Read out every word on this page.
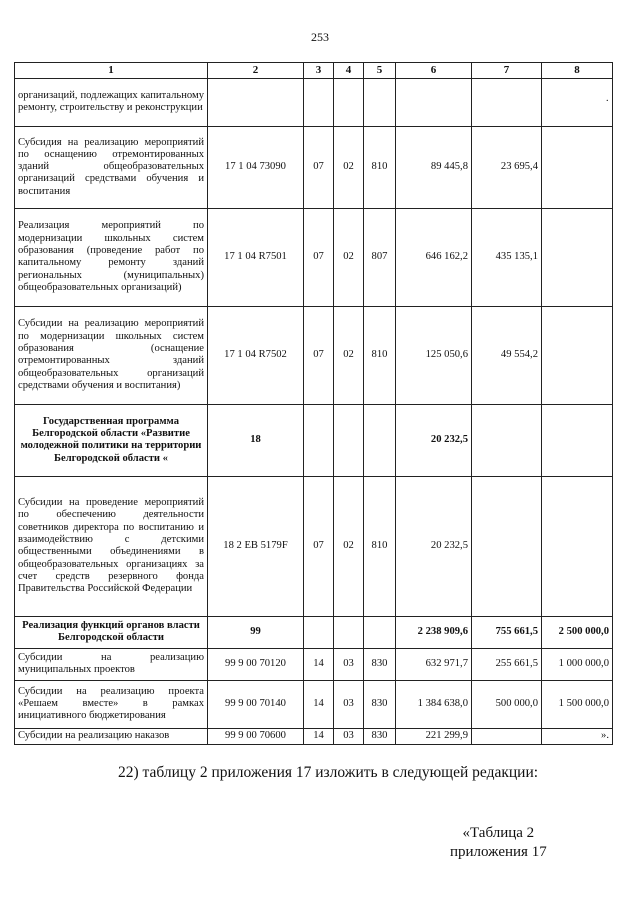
253
1	2	3	4	5	6	7	8
организаций, подлежащих капитальному ремонту, строительству и реконструкции							·
Субсидия на реализацию мероприятий по оснащению отремонтированных зданий общеобразовательных организаций средствами обучения и воспитания	17 1 04 73090	07	02	810	89 445,8	23 695,4	
Реализация мероприятий по модернизации школьных систем образования (проведение работ по капитальному ремонту зданий региональных (муниципальных) общеобразовательных организаций)	17 1 04 R7501	07	02	807	646 162,2	435 135,1	
Субсидии на реализацию мероприятий по модернизации школьных систем образования (оснащение отремонтированных зданий общеобразовательных организаций средствами обучения и воспитания)	17 1 04 R7502	07	02	810	125 050,6	49 554,2	
Государственная программа Белгородской области «Развитие молодежной политики на территории Белгородской области «	18				20 232,5		
Субсидии на проведение мероприятий по обеспечению деятельности советников директора по воспитанию и взаимодействию с детскими общественными объединениями в общеобразовательных организациях за счет средств резервного фонда Правительства Российской Федерации	18 2 EB 5179F	07	02	810	20 232,5		
Реализация функций органов власти Белгородской области	99				2 238 909,6	755 661,5	2 500 000,0
Субсидии на реализацию муниципальных проектов	99 9 00 70120	14	03	830	632 971,7	255 661,5	1 000 000,0
Субсидии на реализацию проекта «Решаем вместе» в рамках инициативного бюджетирования	99 9 00 70140	14	03	830	1 384 638,0	500 000,0	1 500 000,0
Субсидии на реализацию наказов	99 9 00 70600	14	03	830	221 299,9		».
22) таблицу 2 приложения 17 изложить в следующей редакции:
«Таблица 2
приложения 17
